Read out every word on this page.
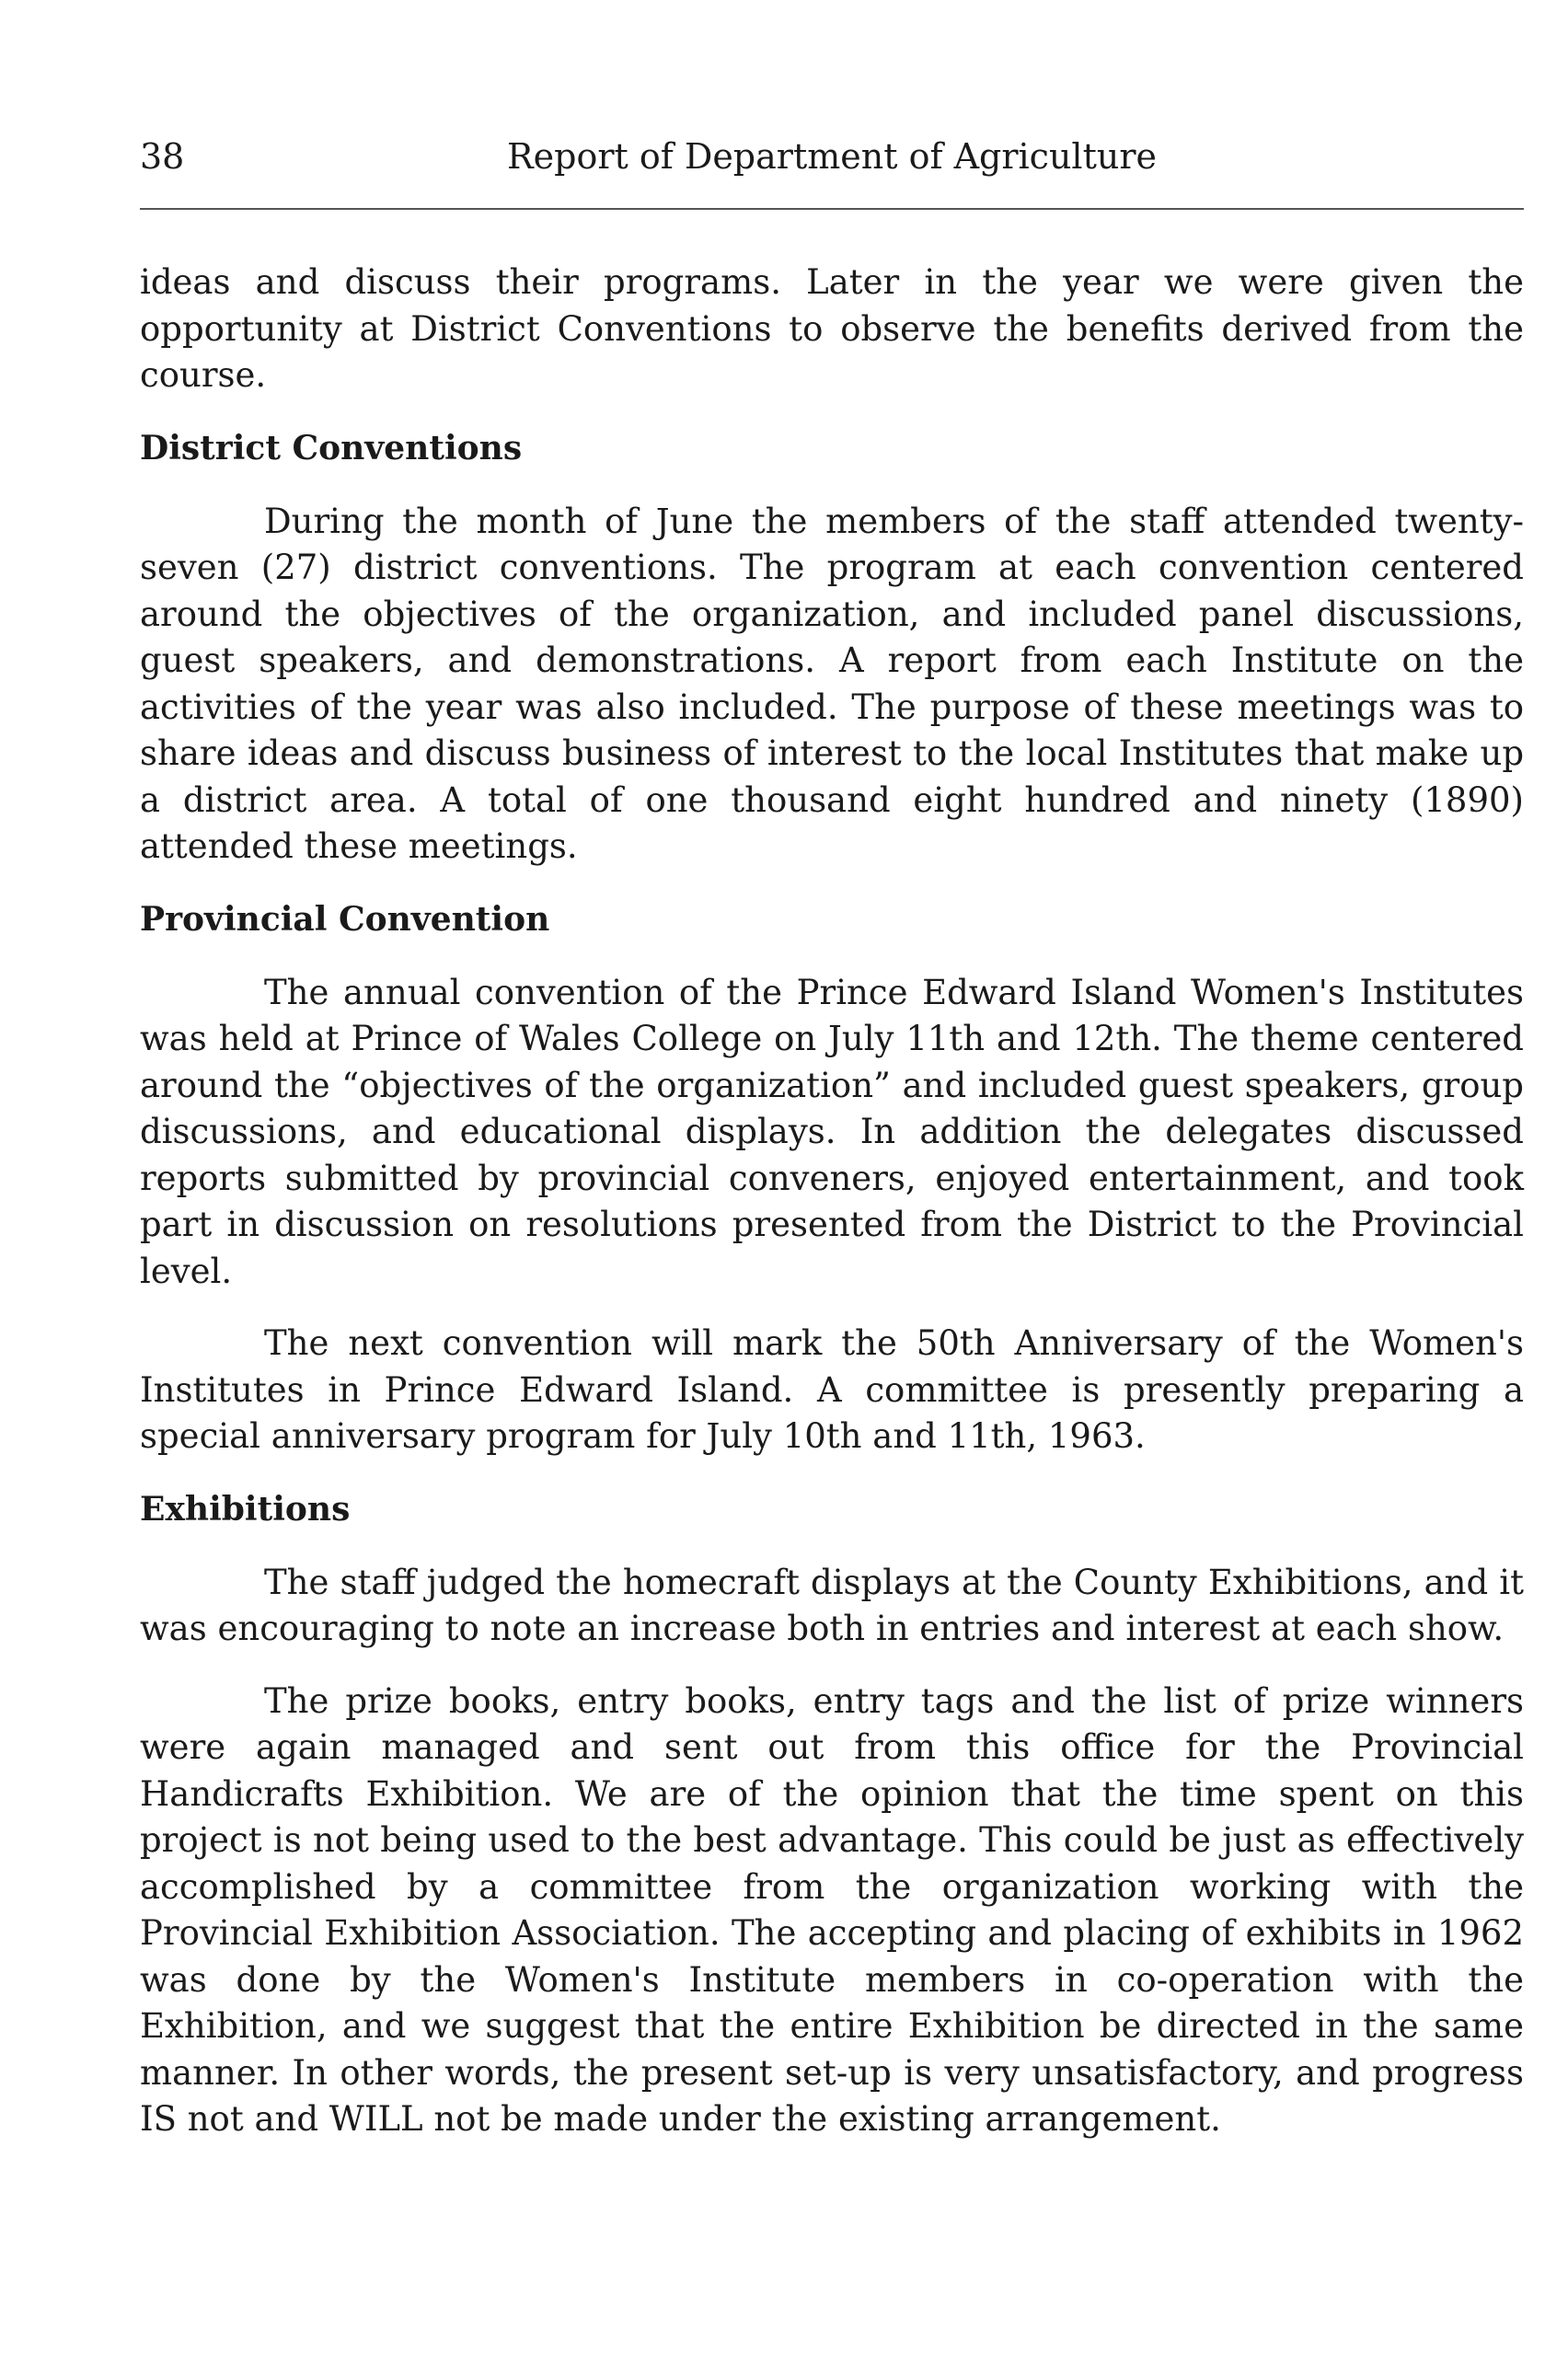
38	Report of Department of Agriculture

ideas and discuss their programs. Later in the year we were given the opportunity at District Conventions to observe the benefits derived from the course.

District Conventions

During the month of June the members of the staff attended twenty-seven (27) district conventions. The program at each convention centered around the objectives of the organization, and included panel discussions, guest speakers, and demonstrations. A report from each Institute on the activities of the year was also included. The purpose of these meetings was to share ideas and discuss business of interest to the local Institutes that make up a district area. A total of one thousand eight hundred and ninety (1890) attended these meetings.

Provincial Convention

The annual convention of the Prince Edward Island Women's Institutes was held at Prince of Wales College on July 11th and 12th. The theme centered around the “objectives of the organization” and included guest speakers, group discussions, and educational displays. In addition the delegates discussed reports submitted by provincial conveners, enjoyed entertainment, and took part in discussion on resolutions presented from the District to the Provincial level.

The next convention will mark the 50th Anniversary of the Women's Institutes in Prince Edward Island. A committee is presently preparing a special anniversary program for July 10th and 11th, 1963.

Exhibitions

The staff judged the homecraft displays at the County Exhibitions, and it was encouraging to note an increase both in entries and interest at each show.

The prize books, entry books, entry tags and the list of prize winners were again managed and sent out from this office for the Provincial Handicrafts Exhibition. We are of the opinion that the time spent on this project is not being used to the best advantage. This could be just as effectively accomplished by a committee from the organization working with the Provincial Exhibition Association. The accepting and placing of exhibits in 1962 was done by the Women's Institute members in co-operation with the Exhibition, and we suggest that the entire Exhibition be directed in the same manner. In other words, the present set-up is very unsatisfactory, and progress IS not and WILL not be made under the existing arrangement.
